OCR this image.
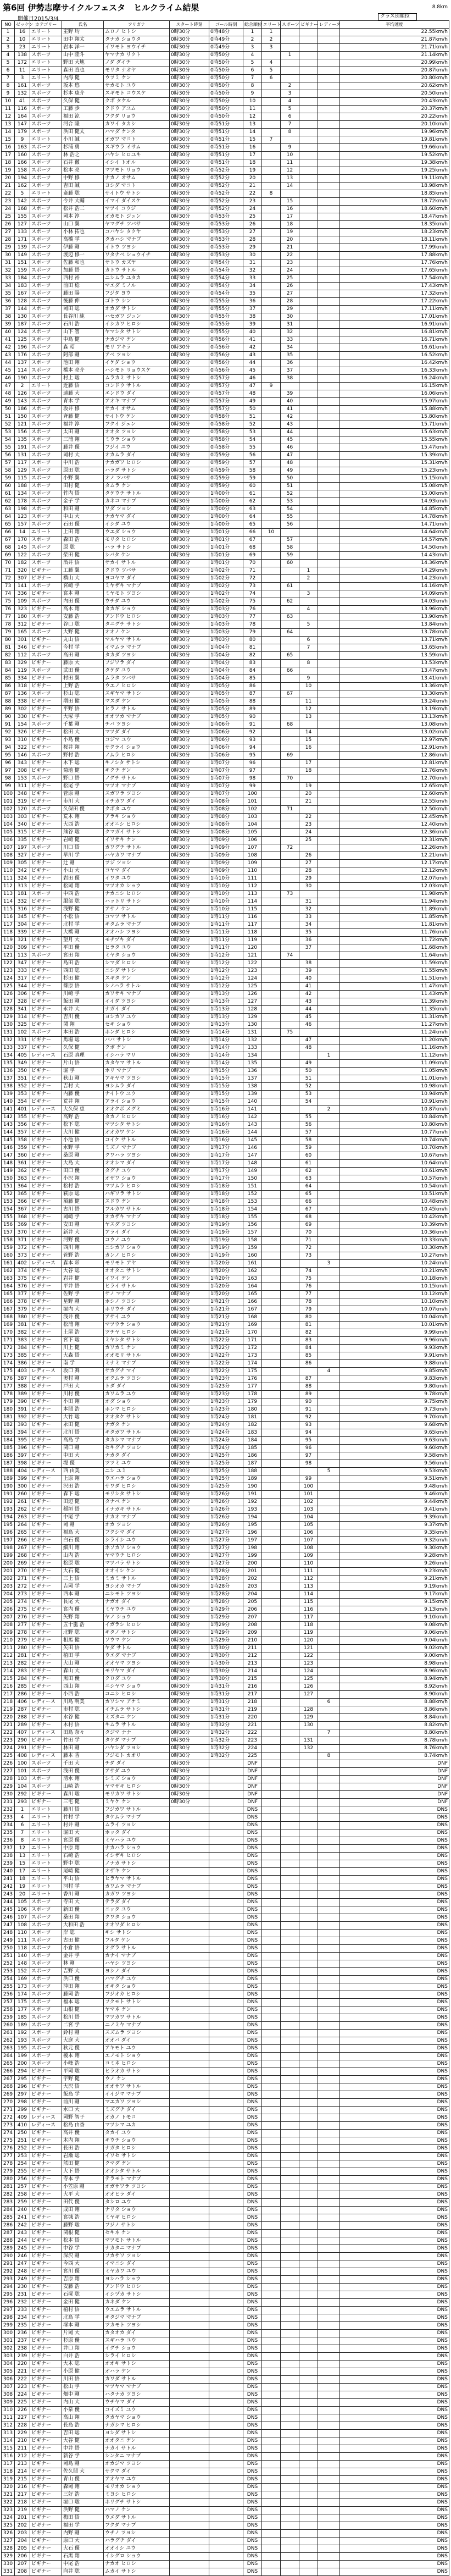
第6回 伊勢志摩サイクルフェスタ　ヒルクライム結果
開催日2015/3/4
8.8km
クラス別順位
NO	ゼッケン	カテゴリー	氏名	フリガナ	スタート時刻	ゴール時刻	総合順位	エリート	スポーツ	ビギナー	レディース	平均速度
1	16	エリート	室野 均	ムロノ ヒトシ	0時30分	0時48分	1	1				22.55km/h
2	10	エリート	田中 翔太	タナカ ショウタ	0時30分	0時49分	2	2				21.87km/h
3	23	エリート	岩本 洋一	イワモト ヨウイチ	0時30分	0時49分	3	3				21.71km/h
4	138	スポーツ	山中 陸斗	ヤマナカ リクト	0時30分	0時50分	4		1			21.14km/h
5	172	エリート	野田 大地	ノダ ダイチ	0時30分	0時50分	5	4				20.99km/h
6	11	エリート	森田 直也	モリタ ナオヤ	0時30分	0時50分	6	5				20.87km/h
7	3	エリート	内海 健	ウツミ ケン	0時30分	0時50分	7	6				20.80km/h
8	161	スポーツ	坂本 悠	サカモト ユウ	0時30分	0時50分	8		2			20.62km/h
9	132	スポーツ	杉本 康介	スギモト コウスケ	0時30分	0時50分	9		3			20.50km/h
10	41	スポーツ	久保 健	クボ タケル	0時30分	0時50分	10		4			20.43km/h
11	116	スポーツ	工藤 歩	クドウ アユム	0時30分	0時50分	11		5			20.37km/h
12	164	スポーツ	福田 涼	フクダ リョウ	0時30分	0時50分	12		6			20.22km/h
13	147	スポーツ	河合 隆	カワイ タカシ	0時30分	0時51分	13		7			20.10km/h
14	179	スポーツ	浜田 健太	ハマダ ケンタ	0時30分	0時51分	14		8			19.96km/h
15	9	エリート	小川 誠	オガワ マコト	0時30分	0時51分	15	7				19.81km/h
16	163	スポーツ	杉浦 勇	スギウラ イサム	0時30分	0時51分	16		9			19.66km/h
17	160	スポーツ	林 浩之	ハヤシ ヒロユキ	0時30分	0時51分	17		10			19.52km/h
18	166	スポーツ	石井 徹	イシイ トオル	0時30分	0時51分	18		11			19.38km/h
19	158	スポーツ	松本 亮	マツモト リョウ	0時30分	0時52分	19		12			19.25km/h
20	194	スポーツ	中野 修	ナカノ オサム	0時30分	0時52分	20		13			19.11km/h
21	162	スポーツ	吉田 誠	ヨシダ マコト	0時30分	0時52分	21		14			18.98km/h
22	5	エリート	斎藤 聡	サイトウ サトシ	0時30分	0時52分	22	8				18.85km/h
23	142	スポーツ	今井 大輔	イマイ ダイスケ	0時30分	0時52分	23		15			18.72km/h
24	168	スポーツ	松井 浩二	マツイ コウジ	0時30分	0時52分	24		16			18.60km/h
25	155	スポーツ	岡本 淳	オカモト ジュン	0時30分	0時53分	25		17			18.47km/h
26	127	スポーツ	山口 翼	ヤマグチ ツバサ	0時30分	0時53分	26		18			18.35km/h
27	133	スポーツ	小林 拓也	コバヤシ タクヤ	0時30分	0時53分	27		19			18.23km/h
28	171	スポーツ	高橋 学	タカハシ マナブ	0時30分	0時53分	28		20			18.11km/h
29	139	スポーツ	伊藤 剛	イトウ ツヨシ	0時30分	0時53分	29		21			17.99km/h
30	149	スポーツ	渡辺 修一	ワタナベ シュウイチ	0時30分	0時53分	30		22			17.88km/h
31	151	スポーツ	佐藤 和也	サトウ カズヤ	0時30分	0時54分	31		23			17.76km/h
32	159	スポーツ	加藤 悟	カトウ サトル	0時30分	0時54分	32		24			17.65km/h
33	184	スポーツ	西村 裕	ニシムラ ユタカ	0時30分	0時54分	33		25			17.54km/h
34	183	スポーツ	前田 稔	マエダ ミノル	0時30分	0時54分	34		26			17.43km/h
35	167	スポーツ	藤田 陽	フジタ ヨウ	0時30分	0時54分	35		27			17.32km/h
36	128	スポーツ	後藤 伸	ゴトウ シン	0時30分	0時55分	36		28			17.22km/h
37	144	スポーツ	岡田 聡	オカダ サトシ	0時30分	0時55分	37		29			17.11km/h
38	130	スポーツ	長谷川 純	ハセガワ ジュン	0時30分	0時55分	38		30			17.01km/h
39	187	スポーツ	石川 浩	イシカワ ヒロシ	0時30分	0時55分	39		31			16.91km/h
40	124	スポーツ	山下 智	ヤマシタ サトシ	0時30分	0時55分	40		32			16.81km/h
41	125	スポーツ	中島 健	ナカジマ ケン	0時30分	0時56分	41		33			16.71km/h
42	196	スポーツ	森 昭	モリ アキラ	0時30分	0時56分	42		34			16.61km/h
43	176	スポーツ	阿部 剛	アベ ツヨシ	0時30分	0時56分	43		35			16.52km/h
44	137	スポーツ	池田 翔	イケダ ショウ	0時30分	0時56分	44		36			16.42km/h
45	114	スポーツ	橋本 亮介	ハシモト リョウスケ	0時30分	0時56分	45		37			16.33km/h
46	190	スポーツ	村上 聡	ムラカミ サトシ	0時30分	0時57分	46		38			16.24km/h
47	2	エリート	近藤 悟	コンドウ サトル	0時30分	0時57分	47	9				16.15km/h
48	126	スポーツ	遠藤 大	エンドウ ダイ	0時30分	0時57分	48		39			16.06km/h
49	143	スポーツ	青木 学	アオキ マナブ	0時30分	0時57分	49		40			15.97km/h
50	186	スポーツ	坂井 修	サカイ オサム	0時30分	0時57分	50		41			15.88km/h
51	150	スポーツ	斉藤 健	サイトウ ケン	0時30分	0時58分	51		42			15.80km/h
52	121	スポーツ	福井 淳	フクイ ジュン	0時30分	0時58分	52		43			15.71km/h
53	156	スポーツ	太田 剛	オオタ ツヨシ	0時30分	0時58分	53		44			15.63km/h
54	135	スポーツ	三浦 翔	ミウラ ショウ	0時30分	0時58分	54		45			15.55km/h
55	191	スポーツ	藤井 優	フジイ ユウ	0時30分	0時58分	55		46			15.47km/h
56	131	スポーツ	岡村 大	オカムラ ダイ	0時30分	0時59分	56		47			15.39km/h
57	117	スポーツ	中川 浩	ナカガワ ヒロシ	0時30分	0時59分	57		48			15.31km/h
58	129	スポーツ	原田 聡	ハラダ サトシ	0時30分	0時59分	58		49			15.23km/h
59	115	スポーツ	小野 翼	オノ ツバサ	0時30分	0時59分	59		50			15.15km/h
60	188	スポーツ	田村 健	タムラ ケン	0時30分	0時59分	60		51			15.08km/h
61	134	スポーツ	竹内 悟	タケウチ サトル	0時30分	1時00分	61		52			15.00km/h
62	178	スポーツ	金子 学	カネコ マナブ	0時30分	1時00分	62		53			14.93km/h
63	198	スポーツ	和田 剛	ワダ ツヨシ	0時30分	1時00分	63		54			14.85km/h
64	123	スポーツ	中山 大	ナカヤマ ダイ	0時30分	1時00分	64		55			14.78km/h
65	157	スポーツ	石田 優	イシダ ユウ	0時30分	1時00分	65		56			14.71km/h
66	14	エリート	上田 翔	ウエダ ショウ	0時30分	1時01分	66	10				14.64km/h
67	170	スポーツ	森田 浩	モリタ ヒロシ	0時30分	1時01分	67		57			14.57km/h
68	145	スポーツ	原 聡	ハラ サトシ	0時30分	1時01分	68		58			14.50km/h
69	122	スポーツ	柴田 健	シバタ ケン	0時30分	1時01分	69		59			14.43km/h
70	182	スポーツ	酒井 悟	サカイ サトル	0時30分	1時01分	70		60			14.36km/h
71	320	ビギナー	工藤 翼	クドウ ツバサ	0時30分	1時02分	71			1		14.29km/h
72	307	ビギナー	横山 大	ヨコヤマ ダイ	0時30分	1時02分	72			2		14.23km/h
73	141	スポーツ	宮崎 学	ミヤザキ マナブ	0時30分	1時02分	73		61			14.16km/h
74	336	ビギナー	宮本 剛	ミヤモト ツヨシ	0時30分	1時02分	74			3		14.09km/h
75	109	スポーツ	内田 優	ウチダ ユウ	0時30分	1時02分	75		62			14.03km/h
76	323	ビギナー	高木 翔	タカギ ショウ	0時30分	1時03分	76			4		13.96km/h
77	180	スポーツ	安藤 浩	アンドウ ヒロシ	0時30分	1時03分	77		63			13.90km/h
78	312	ビギナー	谷口 聡	タニグチ サトシ	0時30分	1時03分	78			5		13.84km/h
79	165	スポーツ	大野 健	オオノ ケン	0時30分	1時03分	79		64			13.78km/h
80	301	ビギナー	丸山 悟	マルヤマ サトル	0時30分	1時03分	80			6		13.71km/h
81	346	ビギナー	今村 学	イマムラ マナブ	0時30分	1時04分	81			7		13.65km/h
82	112	スポーツ	高田 剛	タカダ ツヨシ	0時30分	1時04分	82		65			13.59km/h
83	329	ビギナー	藤原 大	フジワラ ダイ	0時30分	1時04分	83			8		13.53km/h
84	119	スポーツ	武田 優	タケダ ユウ	0時30分	1時04分	84		66			13.47km/h
85	334	ビギナー	村田 翼	ムラタ ツバサ	0時30分	1時04分	85			9		13.41km/h
86	318	ビギナー	上野 浩	ウエノ ヒロシ	0時30分	1時05分	86			10		13.36km/h
87	136	スポーツ	杉山 聡	スギヤマ サトシ	0時30分	1時05分	87		67			13.30km/h
88	338	ビギナー	増田 健	マスダ ケン	0時30分	1時05分	88			11		13.24km/h
89	302	ビギナー	平野 悟	ヒラノ サトル	0時30分	1時05分	89			12		13.19km/h
90	330	ビギナー	大塚 学	オオツカ マナブ	0時30分	1時05分	90			13		13.13km/h
91	154	スポーツ	千葉 剛	チバ ツヨシ	0時30分	1時06分	91		68			13.08km/h
92	326	ビギナー	松田 大	マツダ ダイ	0時30分	1時06分	92			14		13.02km/h
93	310	ビギナー	小島 優	コジマ ユウ	0時30分	1時06分	93			15		12.97km/h
94	322	ビギナー	桜井 翔	サクライ ショウ	0時30分	1時06分	94			16		12.91km/h
95	146	スポーツ	野村 浩	ノムラ ヒロシ	0時30分	1時06分	95		69			12.86km/h
96	343	ビギナー	木下 聡	キノシタ サトシ	0時30分	1時07分	96			17		12.81km/h
97	308	ビギナー	菊地 健	キクチ ケン	0時30分	1時07分	97			18		12.76km/h
98	153	スポーツ	野口 悟	ノグチ サトル	0時30分	1時07分	98		70			12.70km/h
99	311	ビギナー	松尾 学	マツオ マナブ	0時30分	1時07分	99			19		12.65km/h
100	348	ビギナー	菅原 剛	スガワラ ツヨシ	0時30分	1時07分	100			20		12.60km/h
101	319	ビギナー	市川 大	イチカワ ダイ	0時30分	1時08分	101			21		12.55km/h
102	120	スポーツ	久保田 優	クボタ ユウ	0時30分	1時08分	102		71			12.50km/h
103	303	ビギナー	荒木 翔	アラキ ショウ	0時30分	1時08分	103			22		12.45km/h
104	340	ビギナー	大西 浩	オオニシ ヒロシ	0時30分	1時08分	104			23		12.40km/h
105	315	ビギナー	熊谷 聡	クマガイ サトシ	0時30分	1時08分	105			24		12.36km/h
106	335	ビギナー	岩崎 健	イワサキ ケン	0時30分	1時09分	106			25		12.31km/h
107	197	スポーツ	川口 悟	カワグチ サトル	0時30分	1時09分	107		72			12.26km/h
108	327	ビギナー	早川 学	ハヤカワ マナブ	0時30分	1時09分	108			26		12.21km/h
109	305	ビギナー	辻 剛	ツジ ツヨシ	0時30分	1時09分	109			27		12.17km/h
110	342	ビギナー	小山 大	コヤマ ダイ	0時30分	1時09分	110			28		12.12km/h
111	324	ビギナー	岩田 優	イワタ ユウ	0時30分	1時10分	111			29		12.07km/h
112	313	ビギナー	松岡 翔	マツオカ ショウ	0時30分	1時10分	112			30		12.03km/h
113	181	スポーツ	中西 浩	ナカニシ ヒロシ	0時30分	1時10分	113		73			11.98km/h
114	332	ビギナー	服部 聡	ハットリ サトシ	0時30分	1時10分	114			31		11.94km/h
115	316	ビギナー	浅野 健	アサノ ケン	0時30分	1時10分	115			32		11.89km/h
116	345	ビギナー	小松 悟	コマツ サトル	0時30分	1時11分	116			33		11.85km/h
117	304	ビギナー	北村 学	キタムラ マナブ	0時30分	1時11分	117			34		11.81km/h
118	339	ビギナー	大橋 剛	オオハシ ツヨシ	0時30分	1時11分	118			35		11.76km/h
119	321	ビギナー	望月 大	モチヅキ ダイ	0時30分	1時11分	119			36		11.72km/h
120	309	ビギナー	平田 優	ヒラタ ユウ	0時30分	1時11分	120			37		11.68km/h
121	113	スポーツ	宮田 翔	ミヤタ ショウ	0時30分	1時12分	121		74			11.64km/h
122	347	ビギナー	島田 浩	シマダ ヒロシ	0時30分	1時12分	122			38		11.59km/h
123	333	ビギナー	西田 聡	ニシダ サトシ	0時30分	1時12分	123			39		11.55km/h
124	317	ビギナー	杉田 健	スギタ ケン	0時30分	1時12分	124			40		11.51km/h
125	344	ビギナー	篠原 悟	シノハラ サトル	0時30分	1時12分	125			41		11.47km/h
126	306	ビギナー	川崎 学	カワサキ マナブ	0時30分	1時13分	126			42		11.43km/h
127	328	ビギナー	飯田 剛	イイダ ツヨシ	0時30分	1時13分	127			43		11.39km/h
128	341	ビギナー	永井 大	ナガイ ダイ	0時30分	1時13分	128			44		11.35km/h
129	314	ビギナー	吉川 優	ヨシカワ ユウ	0時30分	1時13分	129			45		11.31km/h
130	325	ビギナー	関 翔	セキ ショウ	0時30分	1時13分	130			46		11.27km/h
131	102	スポーツ	本田 浩	ホンダ ヒロシ	0時30分	1時14分	131		75			11.24km/h
132	331	ビギナー	馬場 聡	ババ サトシ	0時30分	1時14分	132			47		11.20km/h
133	337	ビギナー	久保 健	クボ ケン	0時30分	1時14分	133			48		11.16km/h
134	405	レディース	石原 真理	イシハラ マリ	0時30分	1時14分	134				1	11.12km/h
135	349	ビギナー	片山 悟	カタヤマ サトル	0時30分	1時14分	135			49		11.09km/h
136	350	ビギナー	堀 学	ホリ マナブ	0時30分	1時15分	136			50		11.05km/h
137	351	ビギナー	秋山 剛	アキヤマ ツヨシ	0時30分	1時15分	137			51		11.01km/h
138	352	ビギナー	吉村 大	ヨシムラ ダイ	0時30分	1時15分	138			52		10.98km/h
139	353	ビギナー	内藤 優	ナイトウ ユウ	0時30分	1時15分	139			53		10.94km/h
140	354	ビギナー	荒井 翔	アライ ショウ	0時30分	1時15分	140			54		10.91km/h
141	401	レディース	大久保 恵	オオクボ メグミ	0時30分	1時16分	141				2	10.87km/h
142	355	ビギナー	高野 浩	タカノ ヒロシ	0時30分	1時16分	142			55		10.84km/h
143	356	ビギナー	松下 聡	マツシタ サトシ	0時30分	1時16分	143			56		10.80km/h
144	357	ビギナー	大川 健	オオカワ ケン	0時30分	1時16分	144			57		10.77km/h
145	358	ビギナー	小池 悟	コイケ サトル	0時30分	1時16分	145			58		10.74km/h
146	359	ビギナー	水野 学	ミズノ マナブ	0時30分	1時17分	146			59		10.70km/h
147	360	ビギナー	桑原 剛	クワハラ ツヨシ	0時30分	1時17分	147			60		10.67km/h
148	361	ビギナー	大島 大	オオシマ ダイ	0時30分	1時17分	148			61		10.64km/h
149	362	ビギナー	田口 優	タグチ ユウ	0時30分	1時17分	149			62		10.61km/h
150	363	ビギナー	小沢 翔	オザワ ショウ	0時30分	1時17分	150			63		10.57km/h
151	364	ビギナー	松村 浩	マツムラ ヒロシ	0時30分	1時18分	151			64		10.54km/h
152	365	ビギナー	萩原 聡	ハギワラ サトシ	0時30分	1時18分	152			65		10.51km/h
153	366	ビギナー	須藤 健	スドウ ケン	0時30分	1時18分	153			66		10.48km/h
154	367	ビギナー	古川 悟	フルカワ サトル	0時30分	1時18分	154			67		10.45km/h
155	368	ビギナー	岡崎 学	オカザキ マナブ	0時30分	1時18分	155			68		10.42km/h
156	369	ビギナー	安田 剛	ヤスダ ツヨシ	0時30分	1時19分	156			69		10.39km/h
157	370	ビギナー	新井 大	アライ ダイ	0時30分	1時19分	157			70		10.36km/h
158	371	ビギナー	河野 優	コウノ ユウ	0時30分	1時19分	158			71		10.33km/h
159	372	ビギナー	西川 翔	ニシカワ ショウ	0時30分	1時19分	159			72		10.30km/h
160	373	ビギナー	菅野 浩	カンノ ヒロシ	0時30分	1時19分	160			73		10.27km/h
161	402	レディース	森本 彩	モリモト アヤ	0時30分	1時20分	161				3	10.24km/h
162	374	ビギナー	大谷 聡	オオタニ サトシ	0時30分	1時20分	162			74		10.21km/h
163	375	ビギナー	岩井 健	イワイ ケン	0時30分	1時20分	163			75		10.18km/h
164	376	ビギナー	平井 悟	ヒライ サトル	0時30分	1時20分	164			76		10.15km/h
165	377	ビギナー	佐野 学	サノ マナブ	0時30分	1時20分	165			77		10.12km/h
166	378	ビギナー	星野 剛	ホシノ ツヨシ	0時30分	1時21分	166			78		10.10km/h
167	379	ビギナー	堀内 大	ホリウチ ダイ	0時30分	1時21分	167			79		10.07km/h
168	380	ビギナー	浅井 優	アサイ ユウ	0時30分	1時21分	168			80		10.04km/h
169	381	ビギナー	松浦 翔	マツウラ ショウ	0時30分	1時21分	169			81		10.01km/h
170	382	ビギナー	土屋 浩	ツチヤ ヒロシ	0時30分	1時21分	170			82		9.99km/h
171	383	ビギナー	宮下 聡	ミヤシタ サトシ	0時30分	1時22分	171			83		9.96km/h
172	384	ビギナー	川上 健	カワカミ ケン	0時30分	1時22分	172			84		9.93km/h
173	385	ビギナー	大森 悟	オオモリ サトル	0時30分	1時22分	173			85		9.91km/h
174	386	ビギナー	南 学	ミナミ マナブ	0時30分	1時22分	174			86		9.88km/h
175	403	レディース	坂口 舞	サカグチ マイ	0時30分	1時22分	175				4	9.85km/h
176	387	ビギナー	奥村 剛	オクムラ ツヨシ	0時30分	1時23分	176			87		9.83km/h
177	388	ビギナー	戸田 大	トダ ダイ	0時30分	1時23分	177			88		9.80km/h
178	389	ビギナー	川村 優	カワムラ ユウ	0時30分	1時23分	178			89		9.78km/h
179	390	ビギナー	小田 翔	オダ ショウ	0時30分	1時23分	179			90		9.75km/h
180	391	ビギナー	本間 浩	ホンマ ヒロシ	0時30分	1時23分	180			91		9.73km/h
181	392	ビギナー	大竹 聡	オオタケ サトシ	0時30分	1時24分	181			92		9.70km/h
182	393	ビギナー	永田 健	ナガタ ケン	0時30分	1時24分	182			93		9.68km/h
183	394	ビギナー	北川 悟	キタガワ サトル	0時30分	1時24分	183			94		9.65km/h
184	395	ビギナー	高島 学	タカシマ マナブ	0時30分	1時24分	184			95		9.63km/h
185	396	ビギナー	関口 剛	セキグチ ツヨシ	0時30分	1時24分	185			96		9.60km/h
186	397	ビギナー	中田 大	ナカタ ダイ	0時30分	1時25分	186			97		9.58km/h
187	398	ビギナー	堤 優	ツツミ ユウ	0時30分	1時25分	187			98		9.56km/h
188	404	レディース	西 由美	ニシ ユミ	0時30分	1時25分	188				5	9.53km/h
189	399	ビギナー	上原 翔	ウエハラ ショウ	0時30分	1時25分	189			99		9.51km/h
190	300	ビギナー	沢田 浩	サワダ ヒロシ	0時30分	1時25分	190			100		9.48km/h
191	260	ビギナー	森下 聡	モリシタ サトシ	0時30分	1時26分	191			101		9.46km/h
192	261	ビギナー	田辺 健	タナベ ケン	0時30分	1時26分	192			102		9.44km/h
193	262	ビギナー	稲垣 悟	イナガキ サトル	0時30分	1時26分	193			103		9.41km/h
194	263	ビギナー	中尾 学	ナカオ マナブ	0時30分	1時26分	194			104		9.39km/h
195	264	ビギナー	岡 剛	オカ ツヨシ	0時30分	1時26分	195			105		9.37km/h
196	265	ビギナー	福島 大	フクシマ ダイ	0時30分	1時27分	196			106		9.35km/h
197	266	ビギナー	白石 優	シライシ ユウ	0時30分	1時27分	197			107		9.32km/h
198	267	ビギナー	細川 翔	ホソカワ ショウ	0時30分	1時27分	198			108		9.30km/h
199	268	ビギナー	山内 浩	ヤマウチ ヒロシ	0時30分	1時27分	199			109		9.28km/h
200	269	ビギナー	松原 聡	マツバラ サトシ	0時30分	1時27分	200			110		9.26km/h
201	270	ビギナー	大石 健	オオイシ ケン	0時30分	1時28分	201			111		9.23km/h
202	271	ビギナー	三上 悟	ミカミ サトル	0時30分	1時28分	202			112		9.21km/h
203	272	ビギナー	吉岡 学	ヨシオカ マナブ	0時30分	1時28分	203			113		9.19km/h
204	273	ビギナー	西本 剛	ニシモト ツヨシ	0時30分	1時28分	204			114		9.17km/h
205	274	ビギナー	長尾 大	ナガオ ダイ	0時30分	1時28分	205			115		9.15km/h
206	275	ビギナー	宮内 優	ミヤウチ ユウ	0時30分	1時29分	206			116		9.13km/h
207	276	ビギナー	矢野 翔	ヤノ ショウ	0時30分	1時29分	207			117		9.10km/h
208	277	ビギナー	五十嵐 浩	イガラシ ヒロシ	0時30分	1時29分	208			118		9.08km/h
209	278	ビギナー	北野 聡	キタノ サトシ	0時30分	1時29分	209			119		9.06km/h
210	279	ビギナー	相馬 健	ソウマ ケン	0時30分	1時29分	210			120		9.04km/h
211	280	ビギナー	矢田 悟	ヤダ サトル	0時30分	1時30分	211			121		9.02km/h
212	281	ビギナー	植田 学	ウエダ マナブ	0時30分	1時30分	212			122		9.00km/h
213	282	ビギナー	大山 剛	オオヤマ ツヨシ	0時30分	1時30分	213			123		8.98km/h
214	283	ビギナー	森山 大	モリヤマ ダイ	0時30分	1時30分	214			124		8.96km/h
215	284	ビギナー	黒田 優	クロダ ユウ	0時30分	1時30分	215			125		8.94km/h
216	285	ビギナー	西山 翔	ニシヤマ ショウ	0時30分	1時31分	216			126		8.92km/h
217	286	ビギナー	小西 浩	コニシ ヒロシ	0時30分	1時31分	217			127		8.90km/h
218	406	レディース	川島 明美	カワシマ アケミ	0時30分	1時31分	218				6	8.88km/h
219	287	ビギナー	市村 聡	イチムラ サトシ	0時30分	1時31分	219			128		8.86km/h
220	288	ビギナー	水谷 健	ミズタニ ケン	0時30分	1時31分	220			129		8.84km/h
221	289	ビギナー	木村 悟	キムラ サトル	0時30分	1時32分	221			130		8.82km/h
222	407	レディース	田島 奈々	タジマ ナナ	0時30分	1時32分	222				7	8.80km/h
223	290	ビギナー	竹田 学	タケダ マナブ	0時30分	1時32分	223			131		8.78km/h
224	291	ビギナー	林田 剛	ハヤシダ ツヨシ	0時30分	1時32分	224			132		8.76km/h
225	408	レディース	藤本 香	フジモト カオリ	0時30分	1時32分	225				8	8.74km/h
226	100	スポーツ	千田 大	チダ ダイ	0時30分		DNF					DNF
227	101	スポーツ	浅田 優	アサダ ユウ	0時30分		DNF					DNF
228	103	スポーツ	清水 翔	シミズ ショウ	0時30分		DNF					DNF
229	104	スポーツ	山崎 浩	ヤマザキ ヒロシ	0時30分		DNF					DNF
230	292	ビギナー	森川 聡	モリカワ サトシ	0時30分		DNF					DNF
231	293	ビギナー	三宅 健	ミヤケ ケン	0時30分		DNF					DNF
232	1	エリート	藤川 悟	フジカワ サトル			DNS					DNS
233	4	エリート	竹村 学	タケムラ マナブ			DNS					DNS
234	6	エリート	村井 剛	ムライ ツヨシ			DNS					DNS
235	7	エリート	堀田 大	ホッタ ダイ			DNS					DNS
236	8	エリート	宮原 優	ミヤハラ ユウ			DNS					DNS
237	12	エリート	中原 翔	ナカハラ ショウ			DNS					DNS
238	13	エリート	石崎 浩	イシザキ ヒロシ			DNS					DNS
239	15	エリート	野中 聡	ノナカ サトシ			DNS					DNS
240	17	エリート	尾崎 健	オザキ ケン			DNS					DNS
241	18	エリート	平山 悟	ヒラヤマ サトル			DNS					DNS
242	19	エリート	河村 学	カワムラ マナブ			DNS					DNS
243	20	エリート	香川 剛	カガワ ツヨシ			DNS					DNS
244	105	スポーツ	寺田 大	テラダ ダイ			DNS					DNS
245	106	スポーツ	新田 優	ニッタ ユウ			DNS					DNS
246	107	スポーツ	桑田 翔	クワタ ショウ			DNS					DNS
247	108	スポーツ	大和田 浩	オオワダ ヒロシ			DNS					DNS
248	110	スポーツ	岸 聡	キシ サトシ			DNS					DNS
249	111	スポーツ	古田 健	フルタ ケン			DNS					DNS
250	118	スポーツ	小倉 悟	オグラ サトル			DNS					DNS
251	140	スポーツ	金井 学	カナイ マナブ			DNS					DNS
252	148	スポーツ	林 剛	ハヤシ ツヨシ			DNS					DNS
253	152	スポーツ	吉野 大	ヨシノ ダイ			DNS					DNS
254	169	スポーツ	浜口 優	ハマグチ ユウ			DNS					DNS
255	173	スポーツ	沖田 翔	オキタ ショウ			DNS					DNS
256	174	スポーツ	藤岡 浩	フジオカ ヒロシ			DNS					DNS
257	175	スポーツ	福本 聡	フクモト サトシ			DNS					DNS
258	177	スポーツ	山根 健	ヤマネ ケン			DNS					DNS
259	185	スポーツ	松川 悟	マツカワ サトル			DNS					DNS
260	189	スポーツ	二宮 学	ニノミヤ マナブ			DNS					DNS
261	192	スポーツ	鈴村 剛	スズムラ ツヨシ			DNS					DNS
262	193	スポーツ	大庭 大	オオバ ダイ			DNS					DNS
263	195	スポーツ	秋元 優	アキモト ユウ			DNS					DNS
264	199	スポーツ	榎本 翔	エノモト ショウ			DNS					DNS
265	200	スポーツ	小峰 浩	コミネ ヒロシ			DNS					DNS
266	294	ビギナー	平岡 聡	ヒラオカ サトシ			DNS					DNS
267	295	ビギナー	宇野 健	ウノ ケン			DNS					DNS
268	296	ビギナー	大沢 悟	オオサワ サトル			DNS					DNS
269	297	ビギナー	飯島 学	イイジマ マナブ			DNS					DNS
270	298	ビギナー	前川 剛	マエカワ ツヨシ			DNS					DNS
271	299	ビギナー	水口 大	ミズグチ ダイ			DNS					DNS
272	409	レディース	岡野 智子	オカノ トモコ			DNS					DNS
273	410	レディース	松島 由香	マツシマ ユカ			DNS					DNS
274	250	ビギナー	高井 優	タカイ ユウ			DNS					DNS
275	251	ビギナー	木内 翔	キウチ ショウ			DNS					DNS
276	252	ビギナー	長田 浩	ナガタ ヒロシ			DNS					DNS
277	253	ビギナー	岩瀬 聡	イワセ サトシ			DNS					DNS
278	254	ビギナー	熊田 健	クマダ ケン			DNS					DNS
279	255	ビギナー	大下 悟	オオシタ サトル			DNS					DNS
280	256	ビギナー	寺本 学	テラモト マナブ			DNS					DNS
281	257	ビギナー	小笠原 剛	オガサワラ ツヨシ			DNS					DNS
282	258	ビギナー	大平 大	オオヒラ ダイ			DNS					DNS
283	259	ビギナー	田代 優	タシロ ユウ			DNS					DNS
284	240	ビギナー	成田 翔	ナリタ ショウ			DNS					DNS
285	241	ビギナー	宮城 浩	ミヤギ ヒロシ			DNS					DNS
286	242	ビギナー	藤野 聡	フジノ サトシ			DNS					DNS
287	243	ビギナー	関根 健	セキネ ケン			DNS					DNS
288	244	ビギナー	松本 悟	マツモト サトル			DNS					DNS
289	245	ビギナー	中谷 学	ナカタニ マナブ			DNS					DNS
290	246	ビギナー	深沢 剛	フカサワ ツヨシ			DNS					DNS
291	247	ビギナー	今西 大	イマニシ ダイ			DNS					DNS
292	248	ビギナー	宮川 優	ミヤカワ ユウ			DNS					DNS
293	249	ビギナー	吉原 翔	ヨシハラ ショウ			DNS					DNS
294	230	ビギナー	安藤 浩	アンドウ ヒロシ			DNS					DNS
295	231	ビギナー	石塚 聡	イシヅカ サトシ			DNS					DNS
296	232	ビギナー	金田 健	カネダ ケン			DNS					DNS
297	233	ビギナー	植村 悟	ウエムラ サトル			DNS					DNS
298	234	ビギナー	北島 学	キタジマ マナブ			DNS					DNS
299	235	ビギナー	塚本 剛	ツカモト ツヨシ			DNS					DNS
300	236	ビギナー	片岡 大	カタオカ ダイ			DNS					DNS
301	237	ビギナー	杉原 優	スギハラ ユウ			DNS					DNS
302	238	ビギナー	井口 翔	イグチ ショウ			DNS					DNS
303	239	ビギナー	白井 浩	シライ ヒロシ			DNS					DNS
304	220	ビギナー	大木 聡	オオキ サトシ			DNS					DNS
305	221	ビギナー	小原 健	オハラ ケン			DNS					DNS
306	222	ビギナー	川田 悟	カワダ サトル			DNS					DNS
307	223	ビギナー	松山 学	マツヤマ マナブ			DNS					DNS
308	224	ビギナー	畑中 剛	ハタナカ ツヨシ			DNS					DNS
309	225	ビギナー	内山 大	ウチヤマ ダイ			DNS					DNS
310	226	ビギナー	小泉 優	コイズミ ユウ			DNS					DNS
311	227	ビギナー	高山 翔	タカヤマ ショウ			DNS					DNS
312	228	ビギナー	長島 浩	ナガシマ ヒロシ			DNS					DNS
313	229	ビギナー	吉田 聡	ヨシダ サトシ			DNS					DNS
314	210	ビギナー	大谷 健	オオタニ ケン			DNS					DNS
315	211	ビギナー	中井 悟	ナカイ サトル			DNS					DNS
316	212	ビギナー	新谷 学	シンタニ マナブ			DNS					DNS
317	213	ビギナー	岡島 剛	オカジマ ツヨシ			DNS					DNS
318	214	ビギナー	佐久間 大	サクマ ダイ			DNS					DNS
319	215	ビギナー	青山 優	アオヤマ ユウ			DNS					DNS
320	216	ビギナー	森岡 翔	モリオカ ショウ			DNS					DNS
321	217	ビギナー	三好 浩	ミヨシ ヒロシ			DNS					DNS
322	218	ビギナー	堀口 聡	ホリグチ サトシ			DNS					DNS
323	219	ビギナー	浜野 健	ハマノ ケン			DNS					DNS
324	201	ビギナー	梅田 悟	ウメダ サトル			DNS					DNS
325	202	ビギナー	福田 学	フクダ マナブ			DNS					DNS
326	203	ビギナー	内野 剛	ウチノ ツヨシ			DNS					DNS
327	204	ビギナー	原口 大	ハラグチ ダイ			DNS					DNS
328	205	ビギナー	大石 優	オオイシ ユウ			DNS					DNS
329	206	ビギナー	石黒 翔	イシグロ ショウ			DNS					DNS
330	207	ビギナー	中尾 浩	ナカオ ヒロシ			DNS					DNS
331	208	ビギナー	向井 聡	ムカイ サトシ			DNS					DNS
